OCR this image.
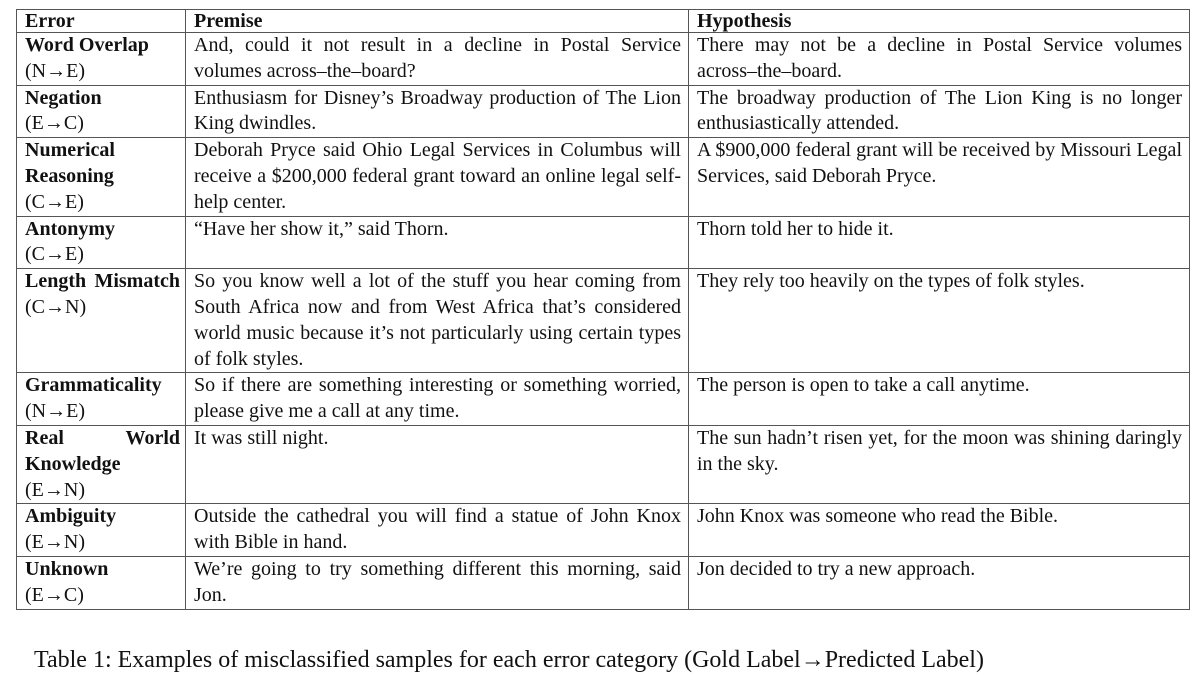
Error	Premise	Hypothesis
Word Overlap
(N→E)	And, could it not result in a decline in Postal Service volumes across–the–board?	There may not be a decline in Postal Service volumes across–the–board.
Negation
(E→C)	Enthusiasm for Disney’s Broadway production of The Lion King dwindles.	The broadway production of The Lion King is no longer enthusiastically attended.
Numerical Reasoning
(C→E)	Deborah Pryce said Ohio Legal Services in Columbus will receive a $200,000 federal grant toward an online legal self-help center.	A $900,000 federal grant will be received by Missouri Legal Services, said Deborah Pryce.
Antonymy
(C→E)	“Have her show it,” said Thorn.	Thorn told her to hide it.
Length Mismatch (C→N)	So you know well a lot of the stuff you hear coming from South Africa now and from West Africa that’s considered world music because it’s not particularly using certain types of folk styles.	They rely too heavily on the types of folk styles.
Grammaticality
(N→E)	So if there are something interesting or something worried, please give me a call at any time.	The person is open to take a call anytime.
Real World Knowledge
(E→N)	It was still night.	The sun hadn’t risen yet, for the moon was shining daringly in the sky.
Ambiguity
(E→N)	Outside the cathedral you will find a statue of John Knox with Bible in hand.	John Knox was someone who read the Bible.
Unknown
(E→C)	We’re going to try something different this morning, said Jon.	Jon decided to try a new approach.
Table 1: Examples of misclassified samples for each error category (Gold Label→Predicted Label)
